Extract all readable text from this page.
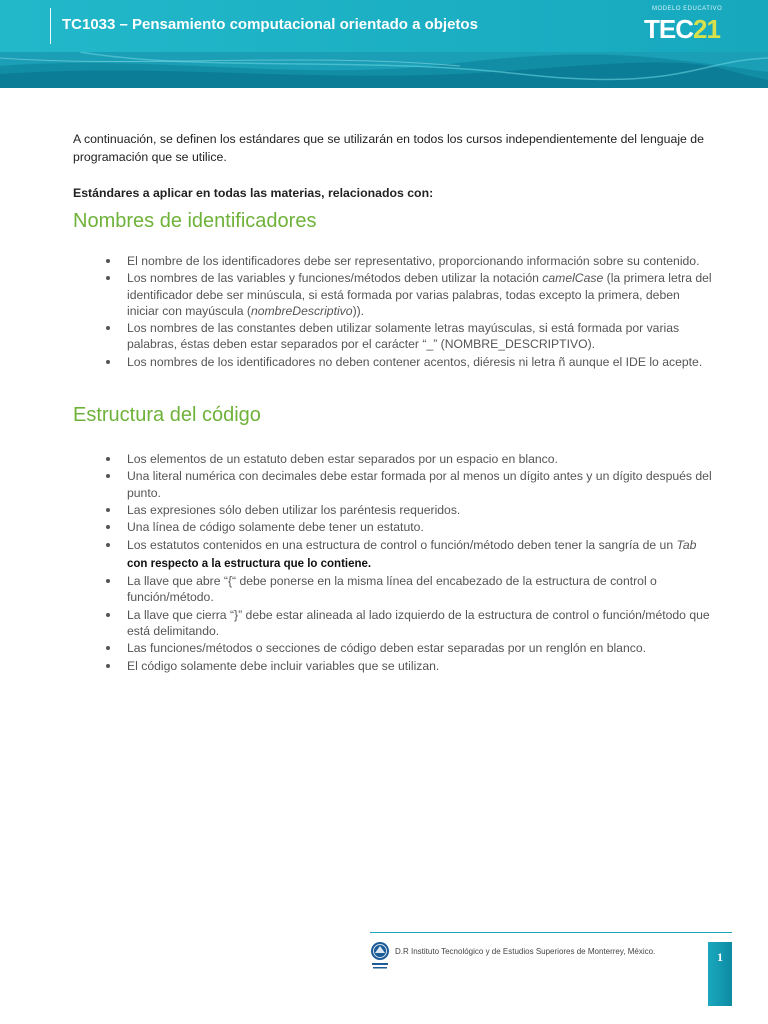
TC1033 – Pensamiento computacional orientado a objetos
MODELO EDUCATIVO
TEC21

A continuación, se definen los estándares que se utilizarán en todos los cursos independientemente del lenguaje de programación que se utilice.

Estándares a aplicar en todas las materias, relacionados con:

Nombres de identificadores
El nombre de los identificadores debe ser representativo, proporcionando información sobre su contenido.
Los nombres de las variables y funciones/métodos deben utilizar la notación camelCase (la primera letra del identificador debe ser minúscula, si está formada por varias palabras, todas excepto la primera, deben iniciar con mayúscula (nombreDescriptivo)).
Los nombres de las constantes deben utilizar solamente letras mayúsculas, si está formada por varias palabras, éstas deben estar separados por el carácter “_” (NOMBRE_DESCRIPTIVO).
Los nombres de los identificadores no deben contener acentos, diéresis ni letra ñ aunque el IDE lo acepte.
Estructura del código
Los elementos de un estatuto deben estar separados por un espacio en blanco.
Una literal numérica con decimales debe estar formada por al menos un dígito antes y un dígito después del punto.
Las expresiones sólo deben utilizar los paréntesis requeridos.
Una línea de código solamente debe tener un estatuto.
Los estatutos contenidos en una estructura de control o función/método deben tener la sangría de un Tab
con respecto a la estructura que lo contiene.
La llave que abre “{“ debe ponerse en la misma línea del encabezado de la estructura de control o función/método.
La llave que cierra “}” debe estar alineada al lado izquierdo de la estructura de control o función/método que está delimitando.
Las funciones/métodos o secciones de código deben estar separadas por un renglón en blanco.
El código solamente debe incluir variables que se utilizan.
D.R Instituto Tecnológico y de Estudios Superiores de Monterrey, México.	1
